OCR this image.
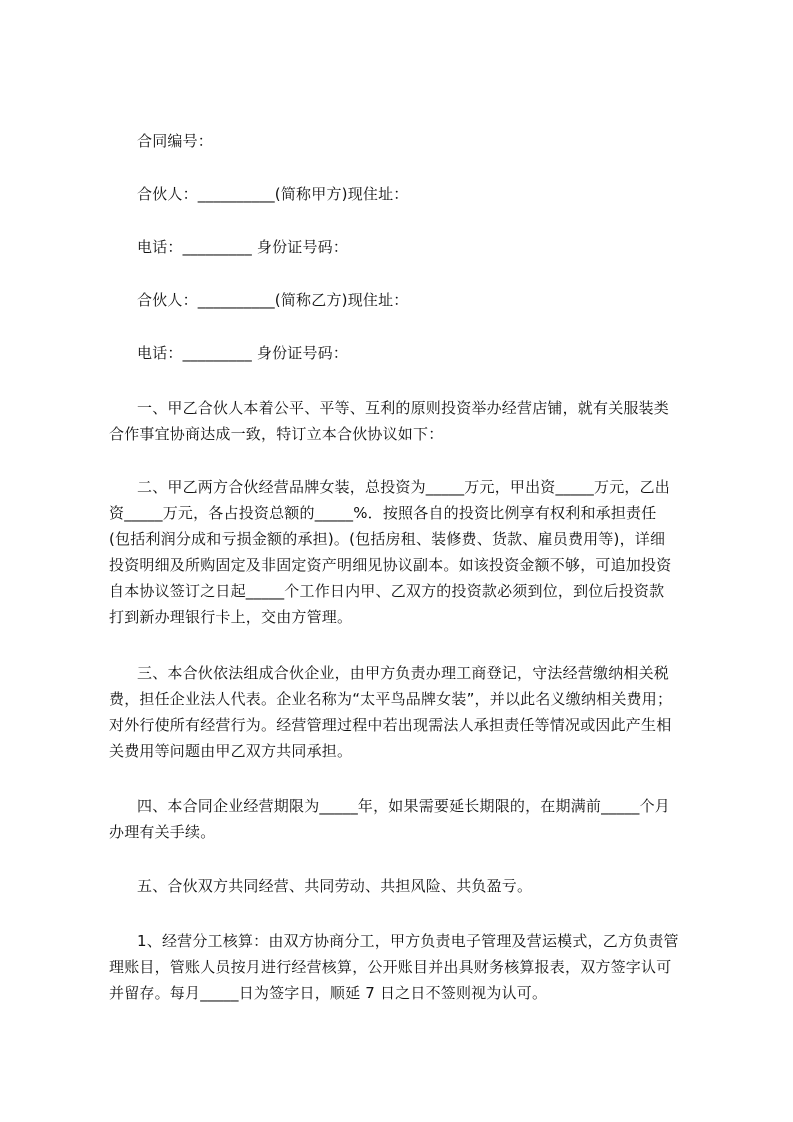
合同编号：
合伙人：__________(简称甲方)现住址：
电话：_________ 身份证号码：
合伙人：__________(简称乙方)现住址：
电话：_________ 身份证号码：
一、甲乙合伙人本着公平、平等、互利的原则投资举办经营店铺，就有关服装类
合作事宜协商达成一致，特订立本合伙协议如下：
二、甲乙两方合伙经营品牌女装，总投资为_____万元，甲出资_____万元，乙出
资_____万元，各占投资总额的_____%．按照各自的投资比例享有权利和承担责任
(包括利润分成和亏损金额的承担)。(包括房租、装修费、货款、雇员费用等)，详细
投资明细及所购固定及非固定资产明细见协议副本。如该投资金额不够，可追加投资
自本协议签订之日起_____个工作日内甲、乙双方的投资款必须到位，到位后投资款
打到新办理银行卡上，交由方管理。
三、本合伙依法组成合伙企业，由甲方负责办理工商登记，守法经营缴纳相关税
费，担任企业法人代表。企业名称为“太平鸟品牌女装”，并以此名义缴纳相关费用；
对外行使所有经营行为。经营管理过程中若出现需法人承担责任等情况或因此产生相
关费用等问题由甲乙双方共同承担。
四、本合同企业经营期限为_____年，如果需要延长期限的，在期满前_____个月
办理有关手续。
五、合伙双方共同经营、共同劳动、共担风险、共负盈亏。
1、经营分工核算：由双方协商分工，甲方负责电子管理及营运模式，乙方负责管
理账目，管账人员按月进行经营核算，公开账目并出具财务核算报表，双方签字认可
并留存。每月_____日为签字日，顺延 7 日之日不签则视为认可。
